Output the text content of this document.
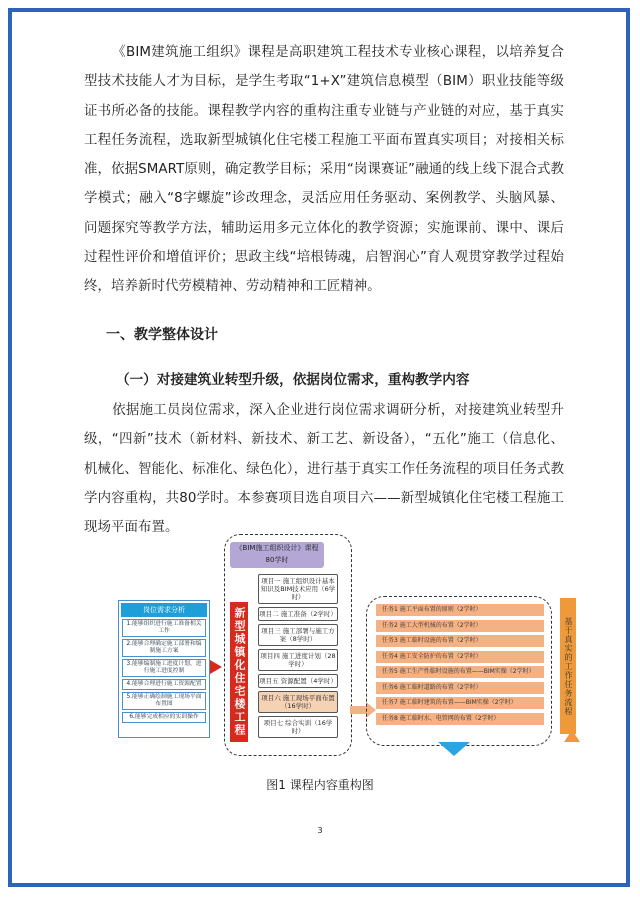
《BIM建筑施工组织》课程是高职建筑工程技术专业核心课程，以培养复合型技术技能人才为目标，是学生考取“1+X”建筑信息模型（BIM）职业技能等级证书所必备的技能。课程教学内容的重构注重专业链与产业链的对应，基于真实工程任务流程，选取新型城镇化住宅楼工程施工平面布置真实项目；对接相关标准，依据SMART原则，确定教学目标；采用“岗课赛证”融通的线上线下混合式教学模式；融入“8字螺旋”诊改理念，灵活应用任务驱动、案例教学、头脑风暴、问题探究等教学方法，辅助运用多元立体化的教学资源；实施课前、课中、课后过程性评价和增值评价；思政主线“培根铸魂，启智润心”育人观贯穿教学过程始终，培养新时代劳模精神、劳动精神和工匠精神。

一、教学整体设计
（一）对接建筑业转型升级，依据岗位需求，重构教学内容

依据施工员岗位需求，深入企业进行岗位需求调研分析，对接建筑业转型升级，“四新”技术（新材料、新技术、新工艺、新设备），“五化”施工（信息化、机械化、智能化、标准化、绿色化），进行基于真实工作任务流程的项目任务式教学内容重构，共80学时。本参赛项目选自项目六——新型城镇化住宅楼工程施工现场平面布置。

《BIM施工组织设计》课程 80学时
新型城镇化住宅楼工程
岗位需求分析
1.能够组织进行施工准备相关工作
2.能够合理确定施工部署和编制施工方案
3.能够编制施工进度计划，进行施工进度控制
4.能够合理进行施工资源配置
5.能够正确绘制施工现场平面布置图
6.能够完成相应的实训操作
项目一 施工组织设计基本知识及BIM技术应用（6学时）
项目二 施工准备（2学时）
项目三 施工部署与施工方案（8学时）
项目四 施工进度计划（28学时）
项目五 资源配置（4学时）
项目六 施工现场平面布置（16学时）
项目七 综合实训（16学时）
任务1 施工平面布置的原则（2学时）
任务2 施工大型机械的布置（2学时）
任务3 施工临时设施的布置（2学时）
任务4 施工安全防护的布置（2学时）
任务5 施工生产性临时设施的布置——BIM实操（2学时）
任务6 施工临时道路的布置（2学时）
任务7 施工临时建筑的布置——BIM实操（2学时）
任务8 施工临时水、电管网的布置（2学时）
基于真实的工作任务流程
图1 课程内容重构图
3
